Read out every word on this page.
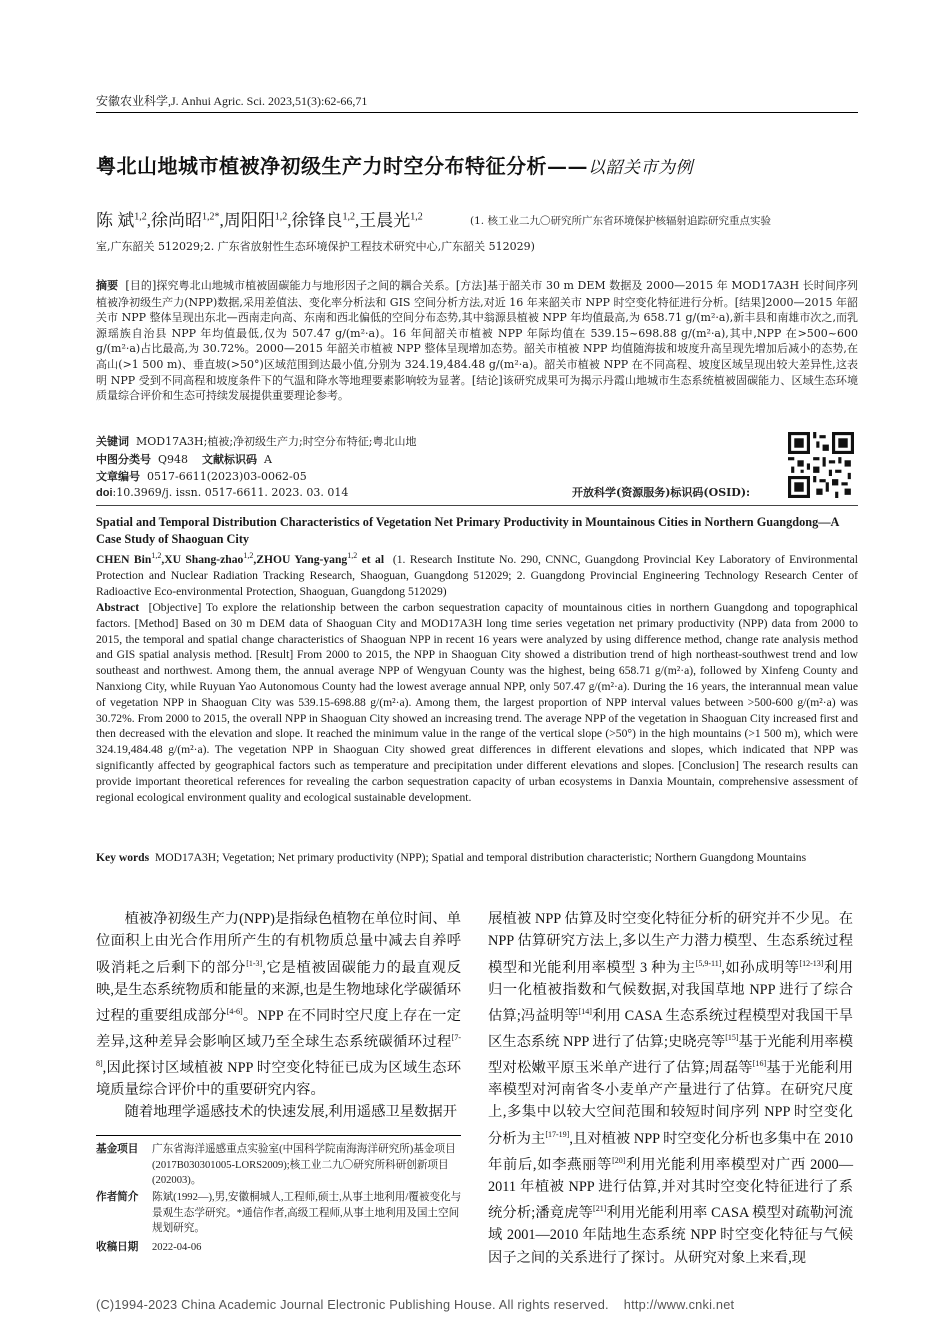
安徽农业科学,J. Anhui Agric. Sci. 2023,51(3):62-66,71
粤北山地城市植被净初级生产力时空分布特征分析——以韶关市为例
陈 斌$^{1,2}$,徐尚昭$^{1,2*}$,周阳阳$^{1,2}$,徐锋良$^{1,2}$,王晨光$^{1,2}$	(1. 核工业二九〇研究所广东省环境保护核辐射追踪研究重点实验
室,广东韶关 512029;2. 广东省放射性生态环境保护工程技术研究中心,广东韶关 512029)
摘要 [目的]探究粤北山地城市植被固碳能力与地形因子之间的耦合关系。[方法]基于韶关市 30 m DEM 数据及 2000—2015 年 MOD17A3H 长时间序列植被净初级生产力(NPP)数据,采用差值法、变化率分析法和 GIS 空间分析方法,对近 16 年来韶关市 NPP 时空变化特征进行分析。[结果]2000—2015 年韶关市 NPP 整体呈现出东北—西南走向高、东南和西北偏低的空间分布态势,其中翁源县植被 NPP 年均值最高,为 658.71 g/(m²·a),新丰县和南雄市次之,而乳源瑶族自治县 NPP 年均值最低,仅为 507.47 g/(m²·a)。16 年间韶关市植被 NPP 年际均值在 539.15~698.88 g/(m²·a),其中,NPP 在>500~600 g/(m²·a)占比最高,为 30.72%。2000—2015 年韶关市植被 NPP 整体呈现增加态势。韶关市植被 NPP 均值随海拔和坡度升高呈现先增加后减小的态势,在高山(>1 500 m)、垂直坡(>50°)区域范围到达最小值,分别为 324.19,484.48 g/(m²·a)。韶关市植被 NPP 在不同高程、坡度区域呈现出较大差异性,这表明 NPP 受到不同高程和坡度条件下的气温和降水等地理要素影响较为显著。[结论]该研究成果可为揭示丹霞山地城市生态系统植被固碳能力、区域生态环境质量综合评价和生态可持续发展提供重要理论参考。
关键词 MOD17A3H;植被;净初级生产力;时空分布特征;粤北山地
中图分类号 Q948 文献标识码 A
文章编号 0517-6611(2023)03-0062-05
doi:10.3969/j. issn. 0517-6611. 2023. 03. 014	开放科学(资源服务)标识码(OSID):
Spatial and Temporal Distribution Characteristics of Vegetation Net Primary Productivity in Mountainous Cities in Northern Guangdong—A Case Study of Shaoguan City
CHEN Bin$^{1,2}$,XU Shang-zhao$^{1,2}$,ZHOU Yang-yang$^{1,2}$ et al (1. Research Institute No. 290, CNNC, Guangdong Provincial Key Laboratory of Environmental Protection and Nuclear Radiation Tracking Research, Shaoguan, Guangdong 512029; 2. Guangdong Provincial Engineering Technology Research Center of Radioactive Eco-environmental Protection, Shaoguan, Guangdong 512029)
Abstract [Objective] To explore the relationship between the carbon sequestration capacity of mountainous cities in northern Guangdong and topographical factors. [Method] Based on 30 m DEM data of Shaoguan City and MOD17A3H long time series vegetation net primary productivity (NPP) data from 2000 to 2015, the temporal and spatial change characteristics of Shaoguan NPP in recent 16 years were analyzed by using difference method, change rate analysis method and GIS spatial analysis method. [Result] From 2000 to 2015, the NPP in Shaoguan City showed a distribution trend of high northeast-southwest trend and low southeast and northwest. Among them, the annual average NPP of Wengyuan County was the highest, being 658.71 g/(m²·a), followed by Xinfeng County and Nanxiong City, while Ruyuan Yao Autonomous County had the lowest average annual NPP, only 507.47 g/(m²·a). During the 16 years, the interannual mean value of vegetation NPP in Shaoguan City was 539.15-698.88 g/(m²·a). Among them, the largest proportion of NPP interval values between >500-600 g/(m²·a) was 30.72%. From 2000 to 2015, the overall NPP in Shaoguan City showed an increasing trend. The average NPP of the vegetation in Shaoguan City increased first and then decreased with the elevation and slope. It reached the minimum value in the range of the vertical slope (>50°) in the high mountains (>1 500 m), which were 324.19,484.48 g/(m²·a). The vegetation NPP in Shaoguan City showed great differences in different elevations and slopes, which indicated that NPP was significantly affected by geographical factors such as temperature and precipitation under different elevations and slopes. [Conclusion] The research results can provide important theoretical references for revealing the carbon sequestration capacity of urban ecosystems in Danxia Mountain, comprehensive assessment of regional ecological environment quality and ecological sustainable development.
Key words MOD17A3H; Vegetation; Net primary productivity (NPP); Spatial and temporal distribution characteristic; Northern Guangdong Mountains

植被净初级生产力(NPP)是指绿色植物在单位时间、单位面积上由光合作用所产生的有机物质总量中减去自养呼吸消耗之后剩下的部分[1-3],它是植被固碳能力的最直观反映,是生态系统物质和能量的来源,也是生物地球化学碳循环过程的重要组成部分[4-6]。NPP 在不同时空尺度上存在一定差异,这种差异会影响区域乃至全球生态系统碳循环过程[7-8],因此探讨区域植被 NPP 时空变化特征已成为区域生态环境质量综合评价中的重要研究内容。

随着地理学遥感技术的快速发展,利用遥感卫星数据开

展植被 NPP 估算及时空变化特征分析的研究并不少见。在 NPP 估算研究方法上,多以生产力潜力模型、生态系统过程模型和光能利用率模型 3 种为主[5,9-11],如孙成明等[12-13]利用归一化植被指数和气候数据,对我国草地 NPP 进行了综合估算;冯益明等[14]利用 CASA 生态系统过程模型对我国干旱区生态系统 NPP 进行了估算;史晓亮等[15]基于光能利用率模型对松嫩平原玉米单产进行了估算;周磊等[16]基于光能利用率模型对河南省冬小麦单产产量进行了估算。在研究尺度上,多集中以较大空间范围和较短时间序列 NPP 时空变化分析为主[17-19],且对植被 NPP 时空变化分析也多集中在 2010 年前后,如李燕丽等[20]利用光能利用率模型对广西 2000—2011 年植被 NPP 进行估算,并对其时空变化特征进行了系统分析;潘竟虎等[21]利用光能利用率 CASA 模型对疏勒河流域 2001—2010 年陆地生态系统 NPP 时空变化特征与气候因子之间的关系进行了探讨。从研究对象上来看,现

基金项目 广东省海洋遥感重点实验室(中国科学院南海海洋研究所)基金项目(2017B030301005-LORS2009);核工业二九〇研究所科研创新项目(202003)。
作者简介 陈斌(1992—),男,安徽桐城人,工程师,硕士,从事土地利用/覆被变化与景观生态学研究。*通信作者,高级工程师,从事土地利用及国土空间规划研究。
收稿日期 2022-04-06
(C)1994-2023 China Academic Journal Electronic Publishing House. All rights reserved.    http://www.cnki.net
